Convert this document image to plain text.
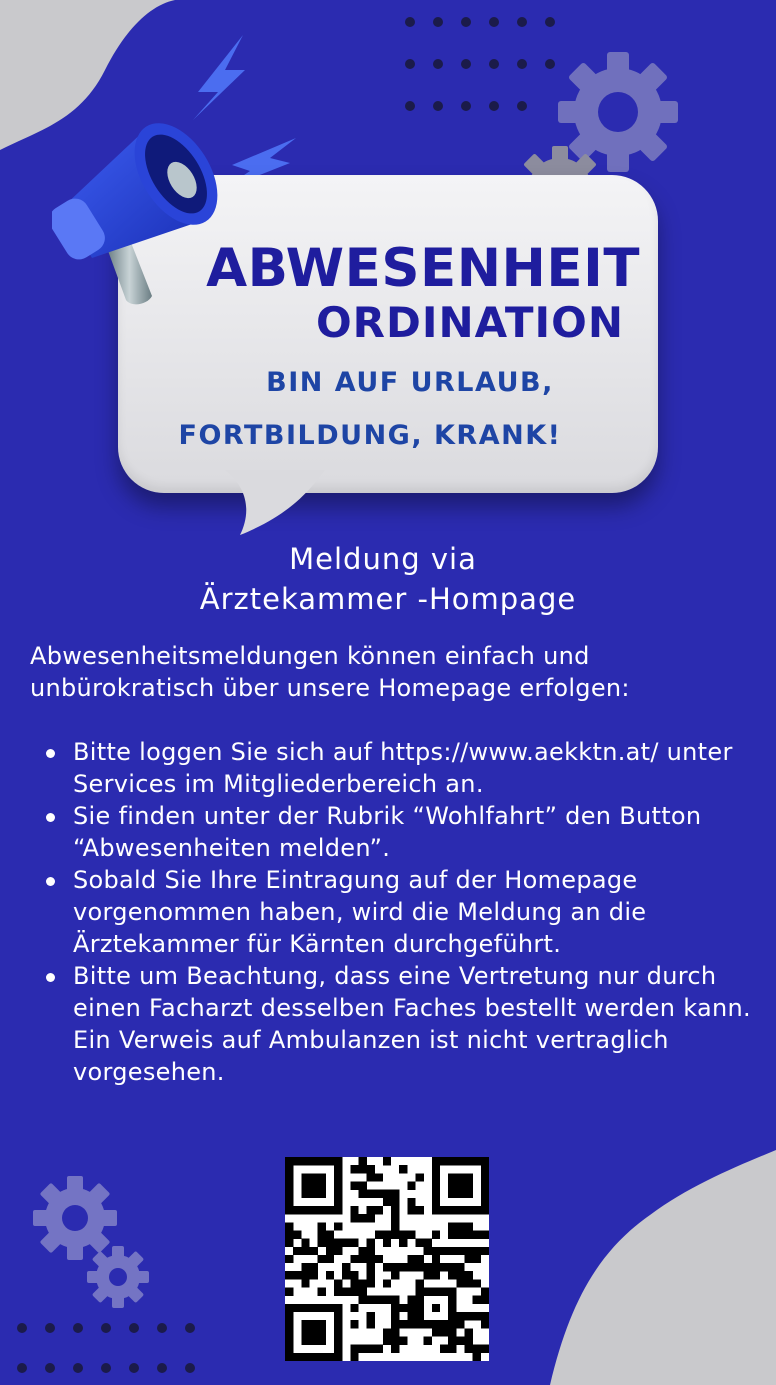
ABWESENHEIT
ORDINATION
BIN AUF URLAUB,
FORTBILDUNG, KRANK!
Meldung via
Ärztekammer -Hompage
Abwesenheitsmeldungen können einfach und unbürokratisch über unsere Homepage erfolgen:
Bitte loggen Sie sich auf https://www.aekktn.at/ unter Services im Mitgliederbereich an.
Sie finden unter der Rubrik “Wohlfahrt” den Button “Abwesenheiten melden”.
Sobald Sie Ihre Eintragung auf der Homepage vorgenommen haben, wird die Meldung an die Ärztekammer für Kärnten durchgeführt.
Bitte um Beachtung, dass eine Vertretung nur durch einen Facharzt desselben Faches bestellt werden kann. Ein Verweis auf Ambulanzen ist nicht vertraglich vorgesehen.
